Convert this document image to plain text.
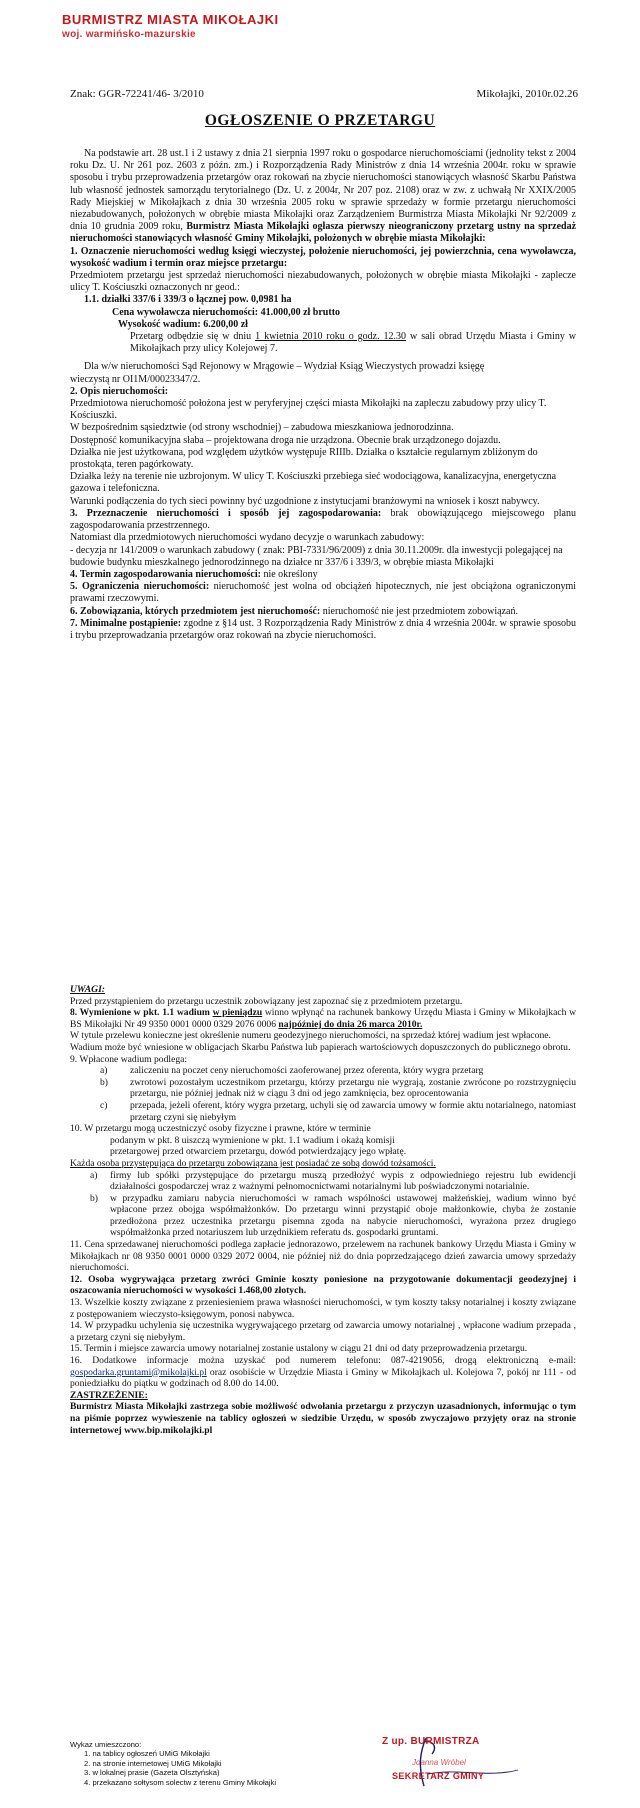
BURMISTRZ MIASTA MIKOŁAJKI
woj. warmińsko-mazurskie
Znak: GGR-72241/46- 3/2010	Mikołajki, 2010r.02.26
OGŁOSZENIE O PRZETARGU

Na podstawie art. 28 ust.1 i 2 ustawy z dnia 21 sierpnia 1997 roku o gospodarce nieruchomościami (jednolity tekst z 2004 roku Dz. U. Nr 261 poz. 2603 z późn. zm.) i Rozporządzenia Rady Ministrów z dnia 14 września 2004r. roku w sprawie sposobu i trybu przeprowadzenia przetargów oraz rokowań na zbycie nieruchomości stanowiących własność Skarbu Państwa lub własność jednostek samorządu terytorialnego (Dz. U. z 2004r, Nr 207 poz. 2108) oraz w zw. z uchwałą Nr XXIX/2005 Rady Miejskiej w Mikołajkach z dnia 30 września 2005 roku w sprawie sprzedaży w formie przetargu nieruchomości niezabudowanych, położonych w obrębie miasta Mikołajki oraz Zarządzeniem Burmistrza Miasta Mikołajki Nr 92/2009 z dnia 10 grudnia 2009 roku, Burmistrz Miasta Mikołajki ogłasza pierwszy nieograniczony przetarg ustny na sprzedaż nieruchomości stanowiących własność Gminy Mikołajki, położonych w obrębie miasta Mikołajki:

1. Oznaczenie nieruchomości według księgi wieczystej, położenie nieruchomości, jej powierzchnia, cena wywoławcza, wysokość wadium i termin oraz miejsce przetargu:

Przedmiotem przetargu jest sprzedaż nieruchomości niezabudowanych, położonych w obrębie miasta Mikołajki - zaplecze ulicy T. Kościuszki oznaczonych nr geod.:

1.1. działki 337/6 i 339/3 o łącznej pow. 0,0981 ha

Cena wywoławcza nieruchomości: 41.000,00 zł brutto

Wysokość wadium: 6.200,00 zł

Przetarg odbędzie się w dniu 1 kwietnia 2010 roku o godz. 12.30 w sali obrad Urzędu Miasta i Gminy w Mikołajkach przy ulicy Kolejowej 7.

Dla w/w nieruchomości Sąd Rejonowy w Mrągowie – Wydział Ksiąg Wieczystych prowadzi księgę wieczystą nr OI1M/00023347/2.

2. Opis nieruchomości:

Przedmiotowa nieruchomość położona jest w peryferyjnej części miasta Mikołajki na zapleczu zabudowy przy ulicy T. Kościuszki.

W bezpośrednim sąsiedztwie (od strony wschodniej) – zabudowa mieszkaniowa jednorodzinna.

Dostępność komunikacyjna słaba – projektowana droga nie urządzona. Obecnie brak urządzonego dojazdu.

Działka nie jest użytkowana, pod względem użytków występuje RIIIb. Działka o kształcie regularnym zbliżonym do prostokąta, teren pagórkowaty.

Działka leży na terenie nie uzbrojonym. W ulicy T. Kościuszki przebiega sieć wodociągowa, kanalizacyjna, energetyczna gazowa i telefoniczna.

Warunki podłączenia do tych sieci powinny być uzgodnione z instytucjami branżowymi na wniosek i koszt nabywcy.

3. Przeznaczenie nieruchomości i sposób jej zagospodarowania: brak obowiązującego miejscowego planu zagospodarowania przestrzennego.

Natomiast dla przedmiotowych nieruchomości wydano decyzje o warunkach zabudowy:

- decyzja nr 141/2009 o warunkach zabudowy ( znak: PBI-7331/96/2009) z dnia 30.11.2009r. dla inwestycji polegającej na budowie budynku mieszkalnego jednorodzinnego na działce nr 337/6 i 339/3, w obrębie miasta Mikołajki

4. Termin zagospodarowania nieruchomości: nie określony

5. Ograniczenia nieruchomości: nieruchomość jest wolna od obciążeń hipotecznych, nie jest obciążona ograniczonymi prawami rzeczowymi.

6. Zobowiązania, których przedmiotem jest nieruchomość: nieruchomość nie jest przedmiotem zobowiązań.

7. Minimalne postąpienie: zgodne z §14 ust. 3 Rozporządzenia Rady Ministrów z dnia 4 września 2004r. w sprawie sposobu i trybu przeprowadzania przetargów oraz rokowań na zbycie nieruchomości.

UWAGI:

Przed przystąpieniem do przetargu uczestnik zobowiązany jest zapoznać się z przedmiotem przetargu.

8. Wymienione w pkt. 1.1 wadium w pieniądzu winno wpłynąć na rachunek bankowy Urzędu Miasta i Gminy w Mikołajkach w BS Mikołajki Nr 49 9350 0001 0000 0329 2076 0006 najpóźniej do dnia 26 marca 2010r.

W tytule przelewu konieczne jest określenie numeru geodezyjnego nieruchomości, na sprzedaż której wadium jest wpłacone.

Wadium może być wniesione w obligacjach Skarbu Państwa lub papierach wartościowych dopuszczonych do publicznego obrotu.

9. Wpłacone wadium podlega:

a)	zaliczeniu na poczet ceny nieruchomości zaoferowanej przez oferenta, który wygra przetarg
b)	zwrotowi pozostałym uczestnikom przetargu, którzy przetargu nie wygrają, zostanie zwrócone po rozstrzygnięciu przetargu, nie później jednak niż w ciągu 3 dni od jego zamknięcia, bez oprocentowania
c)	przepada, jeżeli oferent, który wygra przetarg, uchyli się od zawarcia umowy w formie aktu notarialnego, natomiast przetarg czyni się niebyłym

10. W przetargu mogą uczestniczyć osoby fizyczne i prawne, które w terminie

podanym w pkt. 8 uiszczą wymienione w pkt. 1.1 wadium i okażą komisji

przetargowej przed otwarciem przetargu, dowód potwierdzający jego wpłatę.

Każda osoba przystępująca do przetargu zobowiązana jest posiadać ze sobą dowód tożsamości.

a)	firmy lub spółki przystępujące do przetargu muszą przedłożyć wypis z odpowiedniego rejestru lub ewidencji działalności gospodarczej wraz z ważnymi pełnomocnictwami notarialnymi lub poświadczonymi notarialnie.
b)	w przypadku zamiaru nabycia nieruchomości w ramach wspólności ustawowej małżeńskiej, wadium winno być wpłacone przez obojga współmałżonków. Do przetargu winni przystąpić oboje małżonkowie, chyba że zostanie przedłożona przez uczestnika przetargu pisemna zgoda na nabycie nieruchomości, wyrażona przez drugiego współmałżonka przed notariuszem lub urzędnikiem referatu ds. gospodarki gruntami.

11. Cena sprzedawanej nieruchomości podlega zapłacie jednorazowo, przelewem na rachunek bankowy Urzędu Miasta i Gminy w Mikołajkach nr 08 9350 0001 0000 0329 2072 0004, nie później niż do dnia poprzedzającego dzień zawarcia umowy sprzedaży nieruchomości.

12. Osoba wygrywająca przetarg zwróci Gminie koszty poniesione na przygotowanie dokumentacji geodezyjnej i oszacowania nieruchomości w wysokości 1.468,00 złotych.

13. Wszelkie koszty związane z przeniesieniem prawa własności nieruchomości, w tym koszty taksy notarialnej i koszty związane z postępowaniem wieczysto-księgowym, ponosi nabywca.

14. W przypadku uchylenia się uczestnika wygrywającego przetarg od zawarcia umowy notarialnej , wpłacone wadium przepada , a przetarg czyni się niebyłym.

15. Termin i miejsce zawarcia umowy notarialnej zostanie ustalony w ciągu 21 dni od daty przeprowadzenia przetargu.

16. Dodatkowe informacje można uzyskać pod numerem telefonu: 087-4219056, drogą elektroniczną e-mail: gospodarka.gruntami@mikolajki.pl oraz osobiście w Urzędzie Miasta i Gminy w Mikołajkach ul. Kolejowa 7, pokój nr 111 - od poniedziałku do piątku w godzinach od 8.00 do 14.00.

ZASTRZEŻENIE:

Burmistrz Miasta Mikołajki zastrzega sobie możliwość odwołania przetargu z przyczyn uzasadnionych, informując o tym na piśmie poprzez wywieszenie na tablicy ogłoszeń w siedzibie Urzędu, w sposób zwyczajowo przyjęty oraz na stronie internetowej www.bip.mikolajki.pl

Wykaz umieszczono:
1. na tablicy ogłoszeń UMiG Mikołajki
2. na stronie internetowej UMiG Mikołajki
3. w lokalnej prasie (Gazeta Olsztyńska)
4. przekazano sołtysom solectw z terenu Gminy Mikołajki
Z up. BURMISTRZA
Joanna Wróbel
SEKRETARZ GMINY
